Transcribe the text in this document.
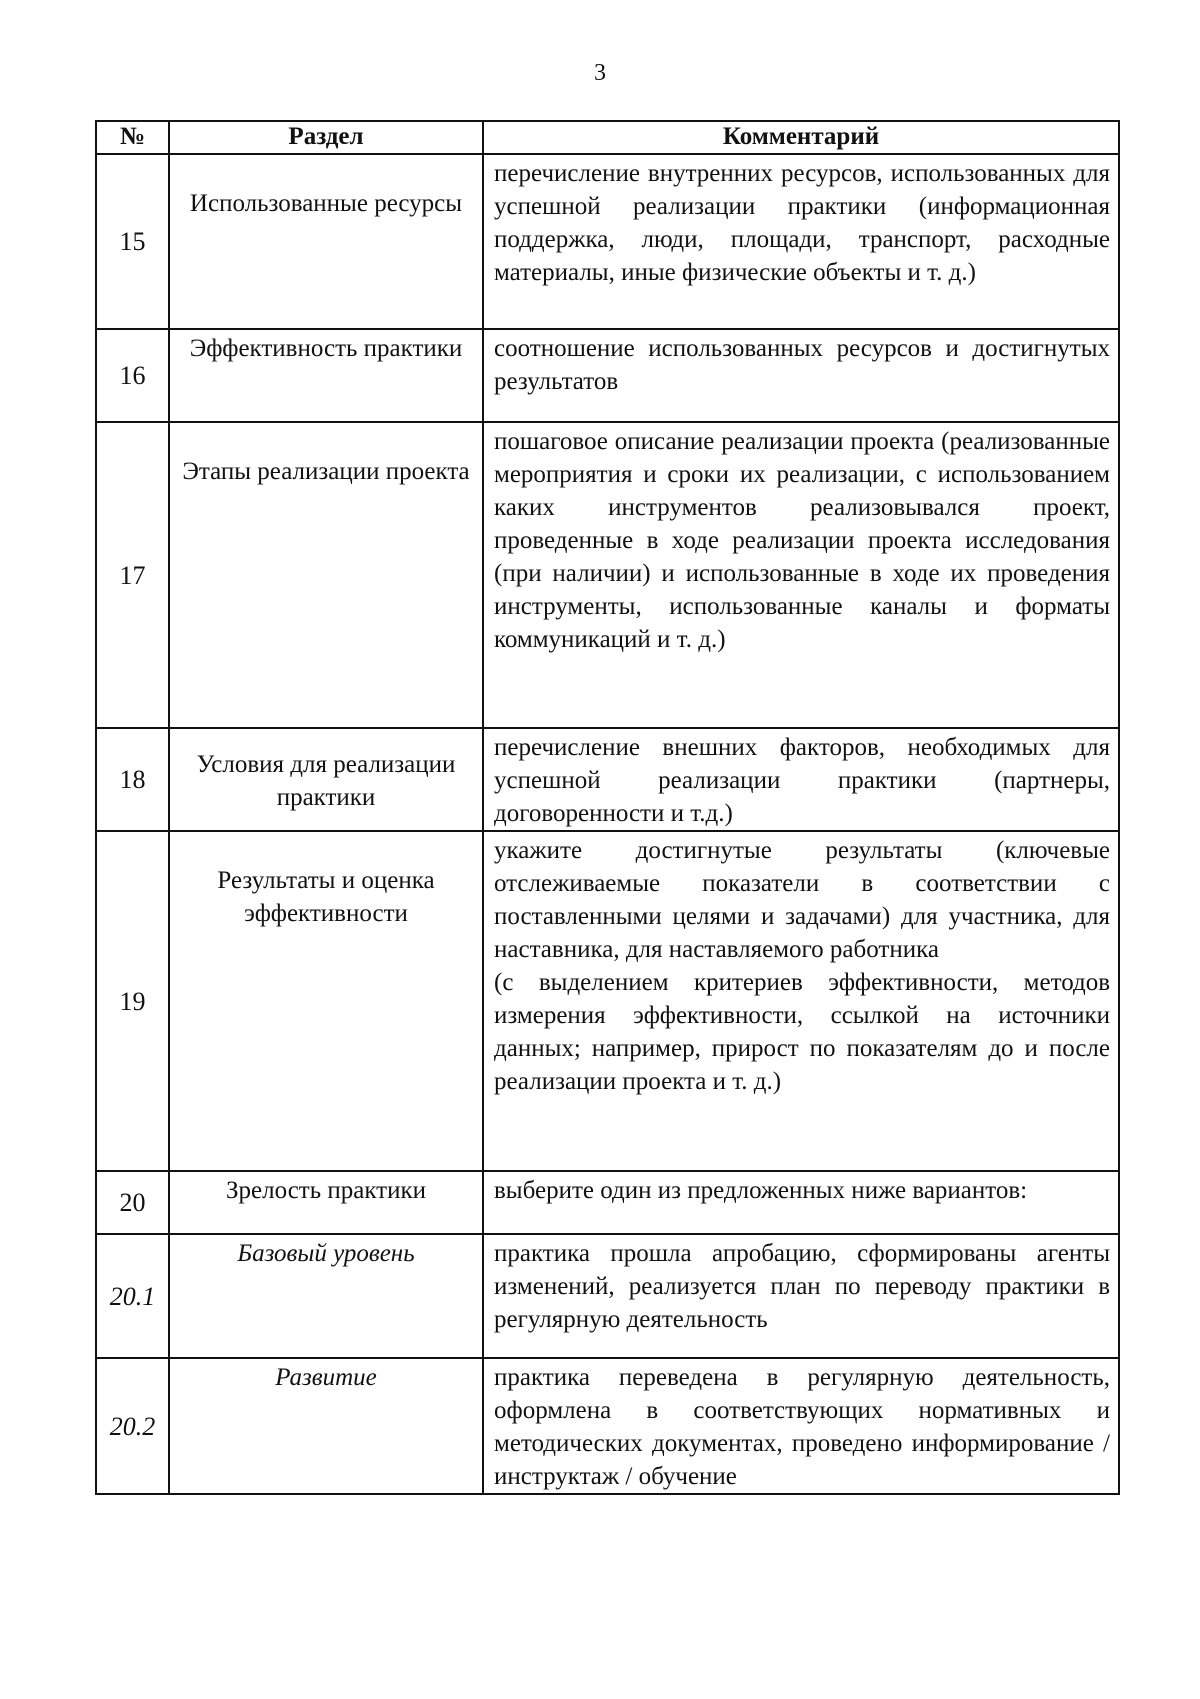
3
№	Раздел	Комментарий
15	Использованные ресурсы	перечисление внутренних ресурсов, использованных для успешной реализации практики (информационная поддержка, люди, площади, транспорт, расходные материалы, иные физические объекты и т. д.)
16	Эффективность практики	соотношение использованных ресурсов и достигнутых результатов
17	Этапы реализации проекта	пошаговое описание реализации проекта (реализованные мероприятия и сроки их реализации, с использованием каких инструментов реализовывался проект, проведенные в ходе реализации проекта исследования (при наличии) и использованные в ходе их проведения инструменты, использованные каналы и форматы коммуникаций и т. д.)
18	Условия для реализации практики	перечисление внешних факторов, необходимых для успешной реализации практики (партнеры, договоренности и т.д.)
19	Результаты и оценка эффективности	укажите достигнутые результаты (ключевые отслеживаемые показатели в соответствии с поставленными целями и задачами) для участника, для наставника, для наставляемого работника
(с выделением критериев эффективности, методов измерения эффективности, ссылкой на источники данных; например, прирост по показателям до и после реализации проекта и т. д.)

20	Зрелость практики	выберите один из предложенных ниже вариантов:
20.1	Базовый уровень	практика прошла апробацию, сформированы агенты изменений, реализуется план по переводу практики в регулярную деятельность
20.2	Развитие	практика переведена в регулярную деятельность, оформлена в соответствующих нормативных и методических документах, проведено информирование / инструктаж / обучение
